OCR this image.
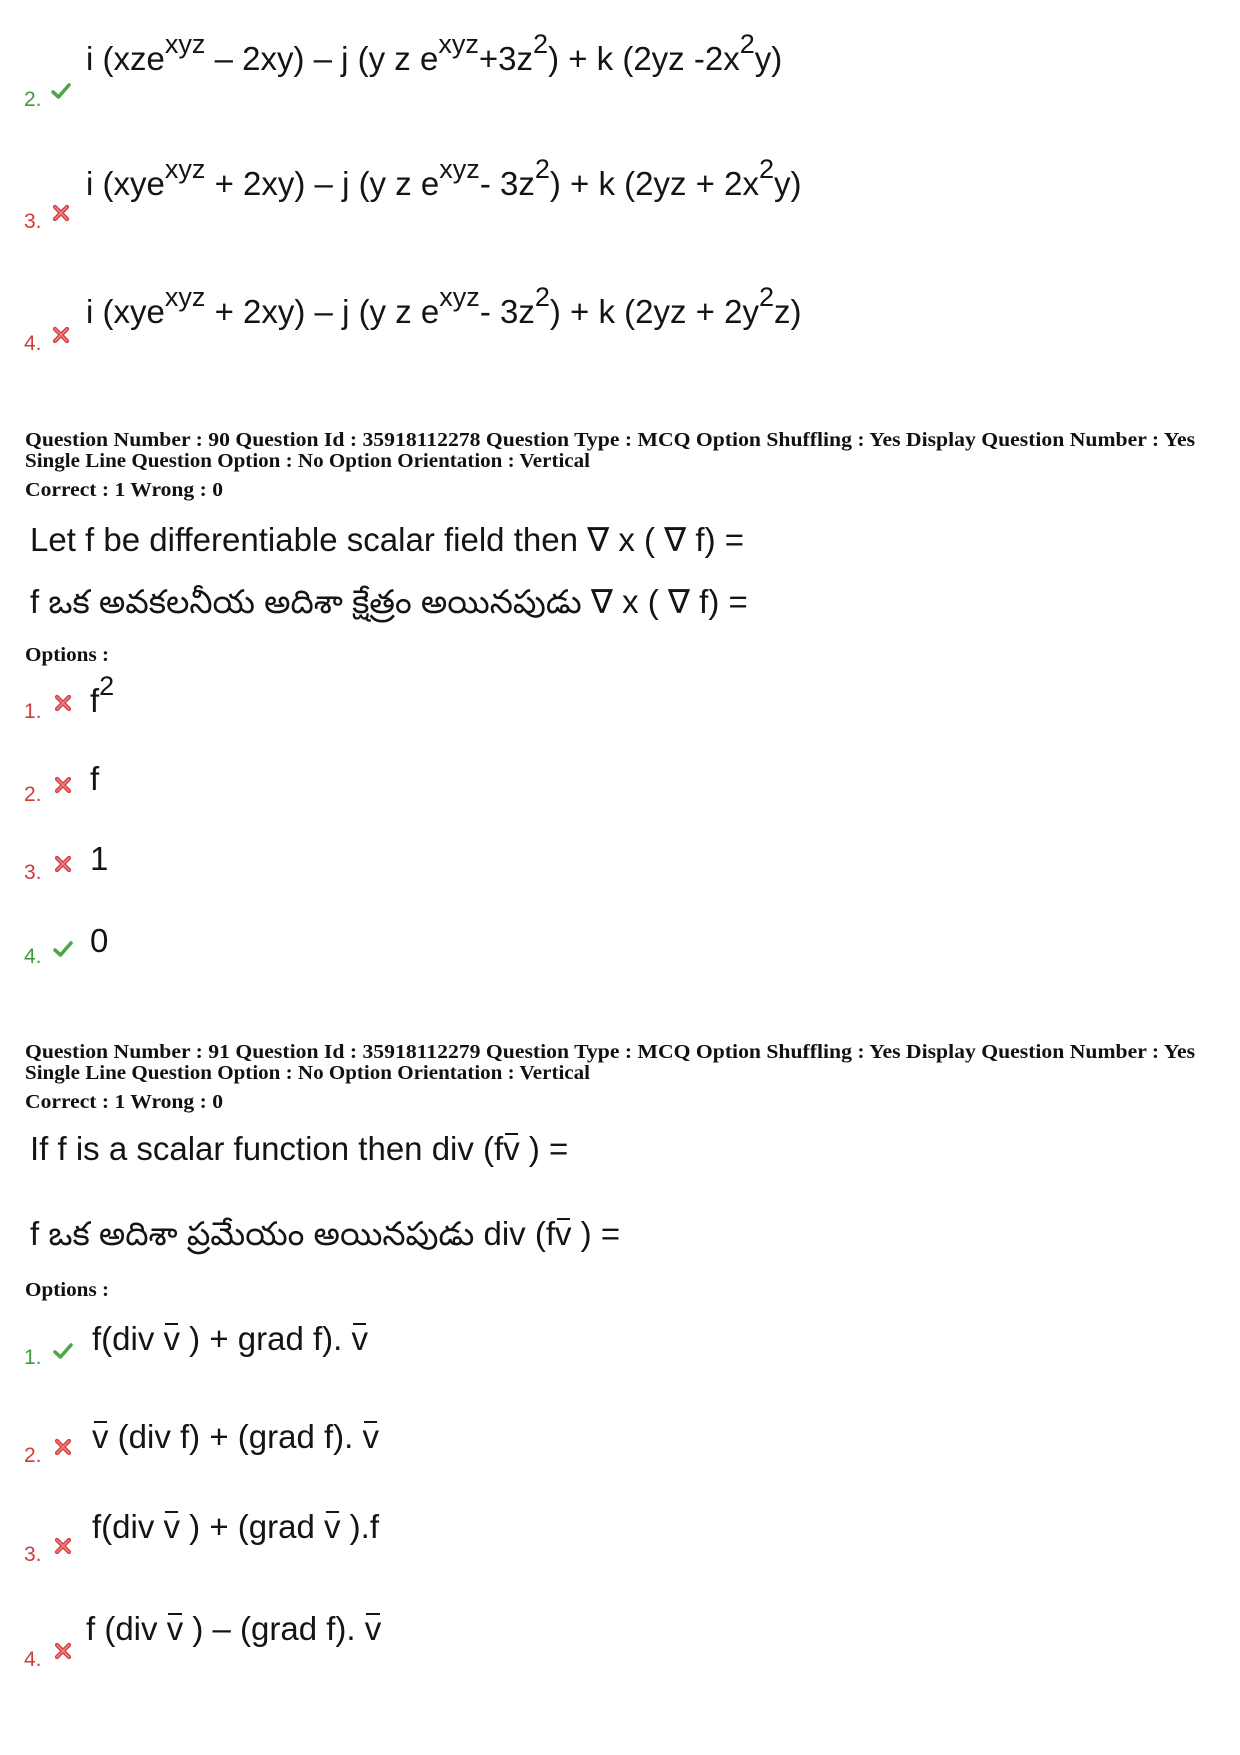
2.
i (xze$^{xyz}$ – 2xy) – j (y z $e^{xyz}+3z^2) + k$ (2yz $-2x^2y$)
3.
i (xye$^{xyz}$ + 2xy) – j (y z $e^{xyz}-$ $3z^2) + k$ $(2yz + 2x^2y)$
4.
i (xye$^{xyz}$ + 2xy) – j (y z $e^{xyz}-$ $3z^2) + k$ $(2yz + 2y^2z)$
Question Number : 90 Question Id : 35918112278 Question Type : MCQ Option Shuffling : Yes Display Question Number : Yes
Single Line Question Option : No Option Orientation : Vertical
Correct : 1 Wrong : 0
Let f be differentiable scalar field then ∇ x ( ∇ f) =
f ఒక అవకలనీయ అదిశా క్షేత్రం అయినపుడు ∇ x ( ∇ f) =
Options :
1. $f^2$
2. f
3. 1
4. 0
Question Number : 91 Question Id : 35918112279 Question Type : MCQ Option Shuffling : Yes Display Question Number : Yes
Single Line Question Option : No Option Orientation : Vertical
Correct : 1 Wrong : 0
If f is a scalar function then div (fv ) =
f ఒక అదిశా ప్రమేయం అయినపుడు div (fv ) =
Options :
1.
f(div v ) + grad f). v
2.
v (div f) + (grad f). v
3.
f(div v ) + (grad v ).f
4.
f (div v ) – (grad f). v
